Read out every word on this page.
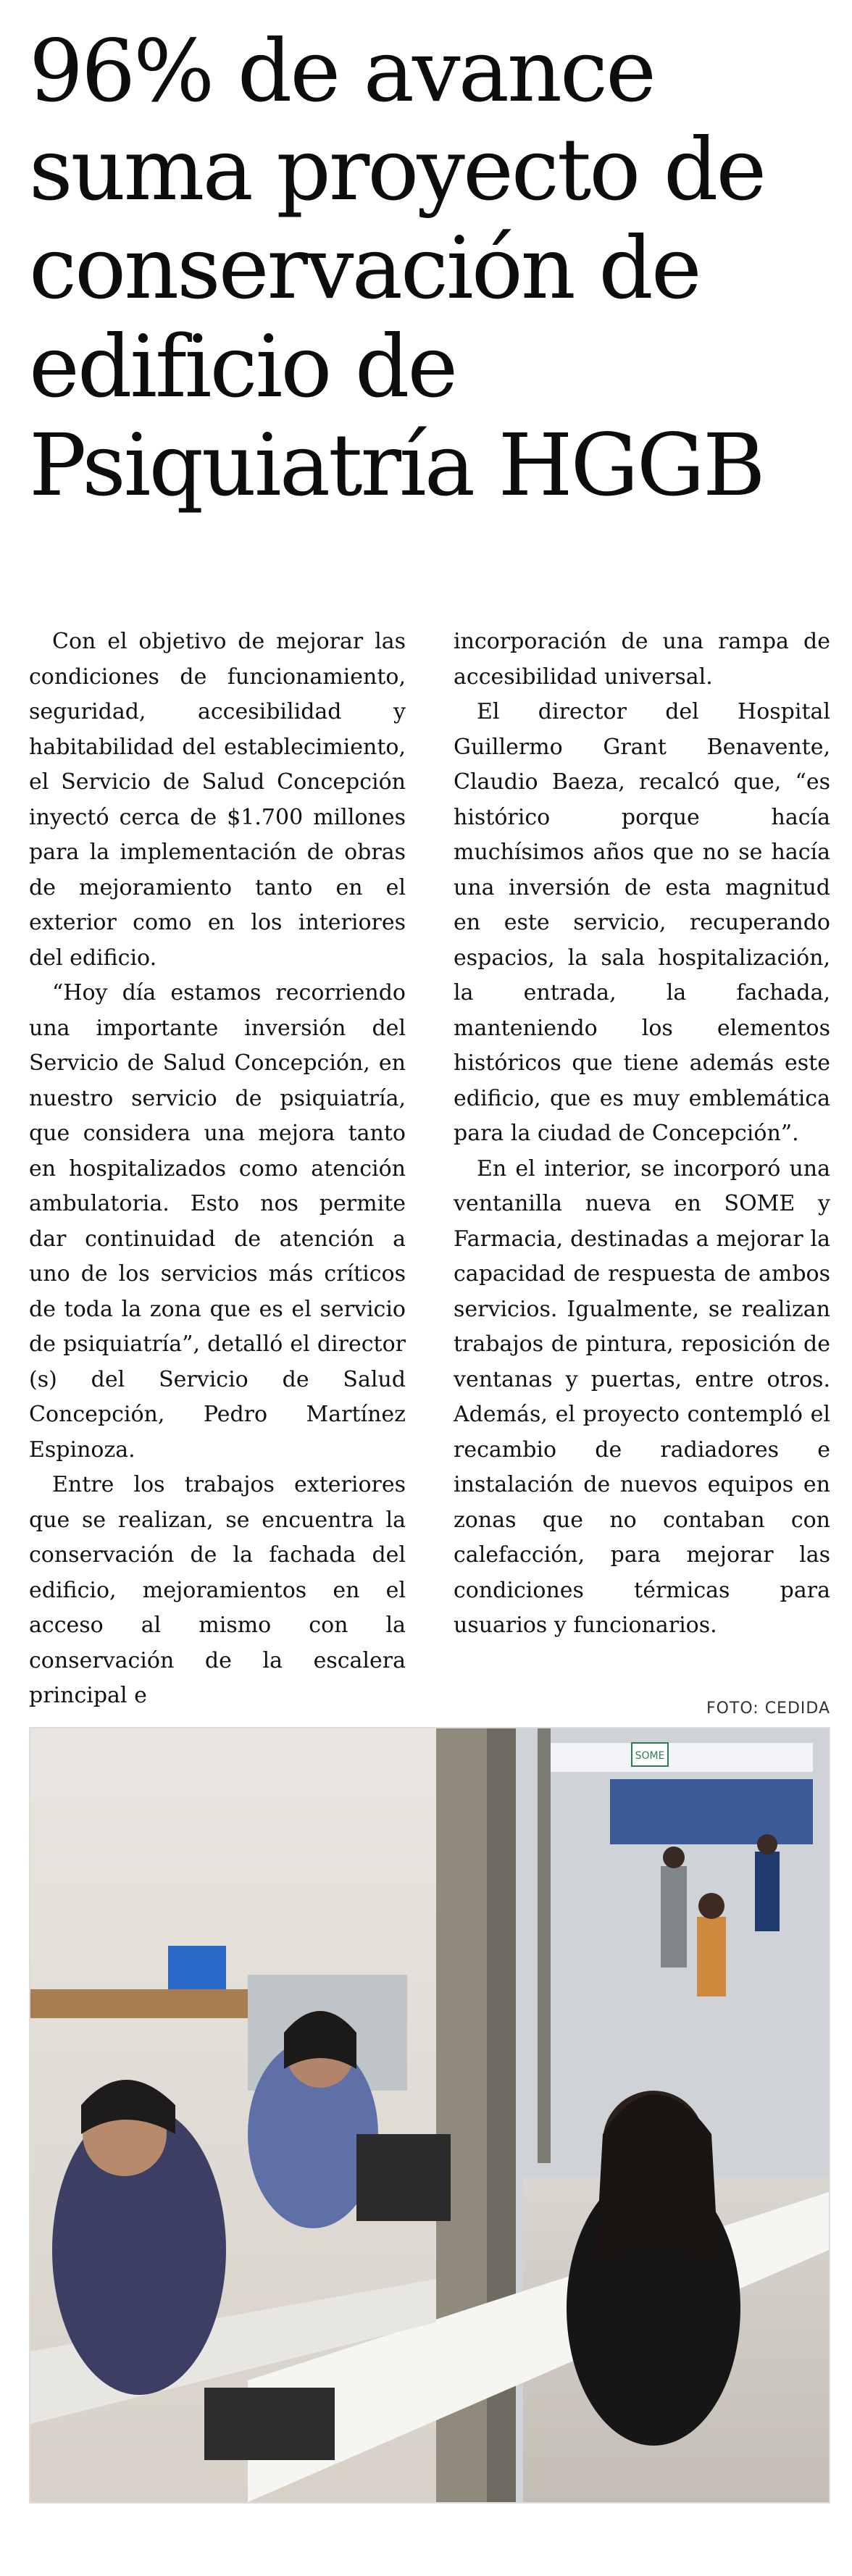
96% de avance suma proyecto de conservación de edificio de Psiquiatría HGGB

Con el objetivo de mejorar las condiciones de funcionamiento, seguridad, accesibilidad y habitabilidad del establecimiento, el Servicio de Salud Concepción inyectó cerca de $1.700 millones para la implementación de obras de mejoramiento tanto en el exterior como en los interiores del edificio.

“Hoy día estamos recorriendo una importante inversión del Servicio de Salud Concepción, en nuestro servicio de psiquiatría, que considera una mejora tanto en hospitalizados como atención ambulatoria. Esto nos permite dar continuidad de atención a uno de los servicios más críticos de toda la zona que es el servicio de psiquiatría”, detalló el director (s) del Servicio de Salud Concepción, Pedro Martínez Espinoza.

Entre los trabajos exteriores que se realizan, se encuentra la conservación de la fachada del edificio, mejoramientos en el acceso al mismo con la conservación de la escalera principal e

incorporación de una rampa de accesibilidad universal.

El director del Hospital Guillermo Grant Benavente, Claudio Baeza, recalcó que, “es histórico porque hacía muchísimos años que no se hacía una inversión de esta magnitud en este servicio, recuperando espacios, la sala hospitalización, la entrada, la fachada, manteniendo los elementos históricos que tiene además este edificio, que es muy emblemática para la ciudad de Concepción”.

En el interior, se incorporó una ventanilla nueva en SOME y Farmacia, destinadas a mejorar la capacidad de respuesta de ambos servicios. Igualmente, se realizan trabajos de pintura, reposición de ventanas y puertas, entre otros. Además, el proyecto contempló el recambio de radiadores e instalación de nuevos equipos en zonas que no contaban con calefacción, para mejorar las condiciones térmicas para usuarios y funcionarios.

FOTO: CEDIDA
SOME
